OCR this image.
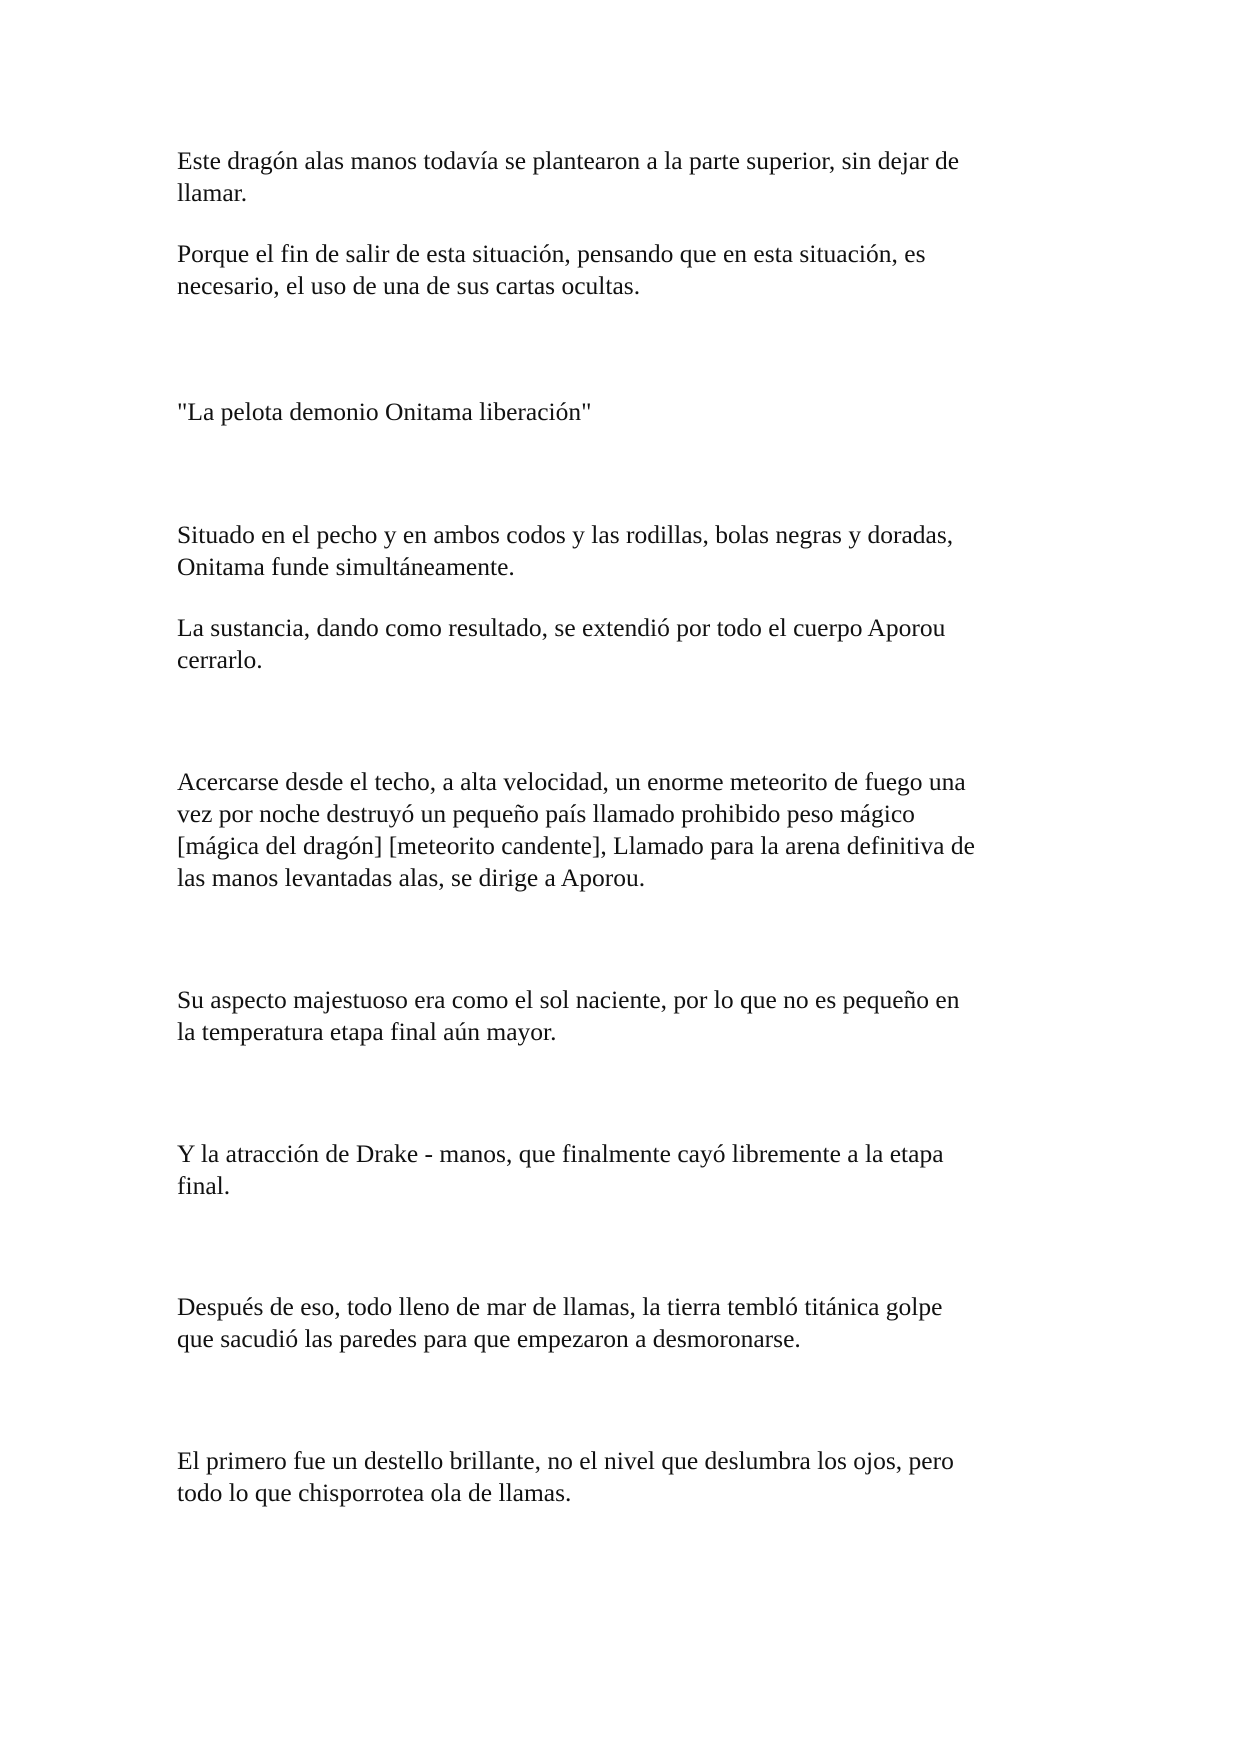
Este dragón alas manos todavía se plantearon a la parte superior, sin dejar de
llamar.

Porque el fin de salir de esta situación, pensando que en esta situación, es
necesario, el uso de una de sus cartas ocultas.

"La pelota demonio Onitama liberación"

Situado en el pecho y en ambos codos y las rodillas, bolas negras y doradas,
Onitama funde simultáneamente.

La sustancia, dando como resultado, se extendió por todo el cuerpo Aporou
cerrarlo.

Acercarse desde el techo, a alta velocidad, un enorme meteorito de fuego una
vez por noche destruyó un pequeño país llamado prohibido peso mágico
[mágica del dragón] [meteorito candente], Llamado para la arena definitiva de
las manos levantadas alas, se dirige a Aporou.

Su aspecto majestuoso era como el sol naciente, por lo que no es pequeño en
la temperatura etapa final aún mayor.

Y la atracción de Drake - manos, que finalmente cayó libremente a la etapa
final.

Después de eso, todo lleno de mar de llamas, la tierra tembló titánica golpe
que sacudió las paredes para que empezaron a desmoronarse.

El primero fue un destello brillante, no el nivel que deslumbra los ojos, pero
todo lo que chisporrotea ola de llamas.
